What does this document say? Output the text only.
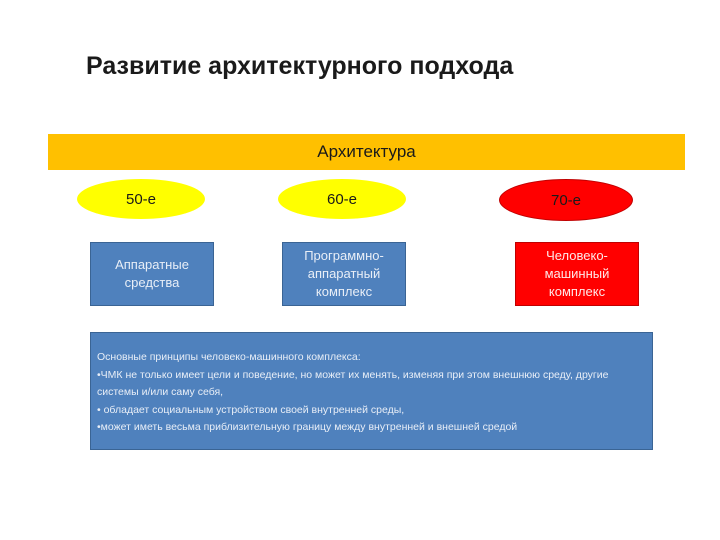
Развитие архитектурного подхода
Архитектура
50-е	60-е	70-е
Аппаратные
средства
Программно-
аппаратный
комплекс
Человеко-
машинный
комплекс
Основные принципы человеко-машинного комплекса:
•ЧМК не только имеет цели и поведение, но может их менять, изменяя при этом внешнюю среду, другие системы и/или саму себя,
• обладает социальным устройством своей внутренней среды,
•может иметь весьма приблизительную границу между внутренней и внешней средой
